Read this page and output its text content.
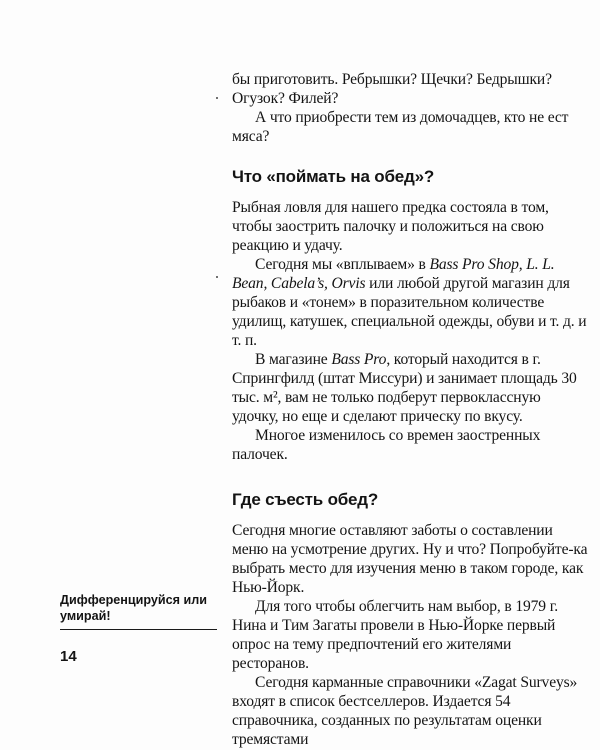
бы приготовить. Ребрышки? Щечки? Бедрышки? Огузок? Филей?

А что приобрести тем из домочадцев, кто не ест мяса?

Что «поймать на обед»?

Рыбная ловля для нашего предка состояла в том, чтобы заострить палочку и положиться на свою реакцию и удачу.

Сегодня мы «вплываем» в Bass Pro Shop, L. L. Bean, Cabela’s, Orvis или любой другой магазин для рыбаков и «тонем» в поразительном количестве удилищ, катушек, специальной одежды, обуви и т. д. и т. п.

В магазине Bass Pro, который находится в г. Спрингфилд (штат Миссури) и занимает площадь 30 тыс. м², вам не только подберут первоклассную удочку, но еще и сделают прическу по вкусу.

Многое изменилось со времен заостренных палочек.

Где съесть обед?

Сегодня многие оставляют заботы о составлении меню на усмотрение других. Ну и что? Попробуйте-ка выбрать место для изучения меню в таком городе, как Нью-Йорк.

Для того чтобы облегчить нам выбор, в 1979 г. Нина и Тим Загаты провели в Нью-Йорке первый опрос на тему предпочтений его жителями ресторанов.

Сегодня карманные справочники «Zagat Surveys» входят в список бестселлеров. Издается 54 справочника, созданных по результатам оценки тремястами

Дифференцируйся или умирай!
14
